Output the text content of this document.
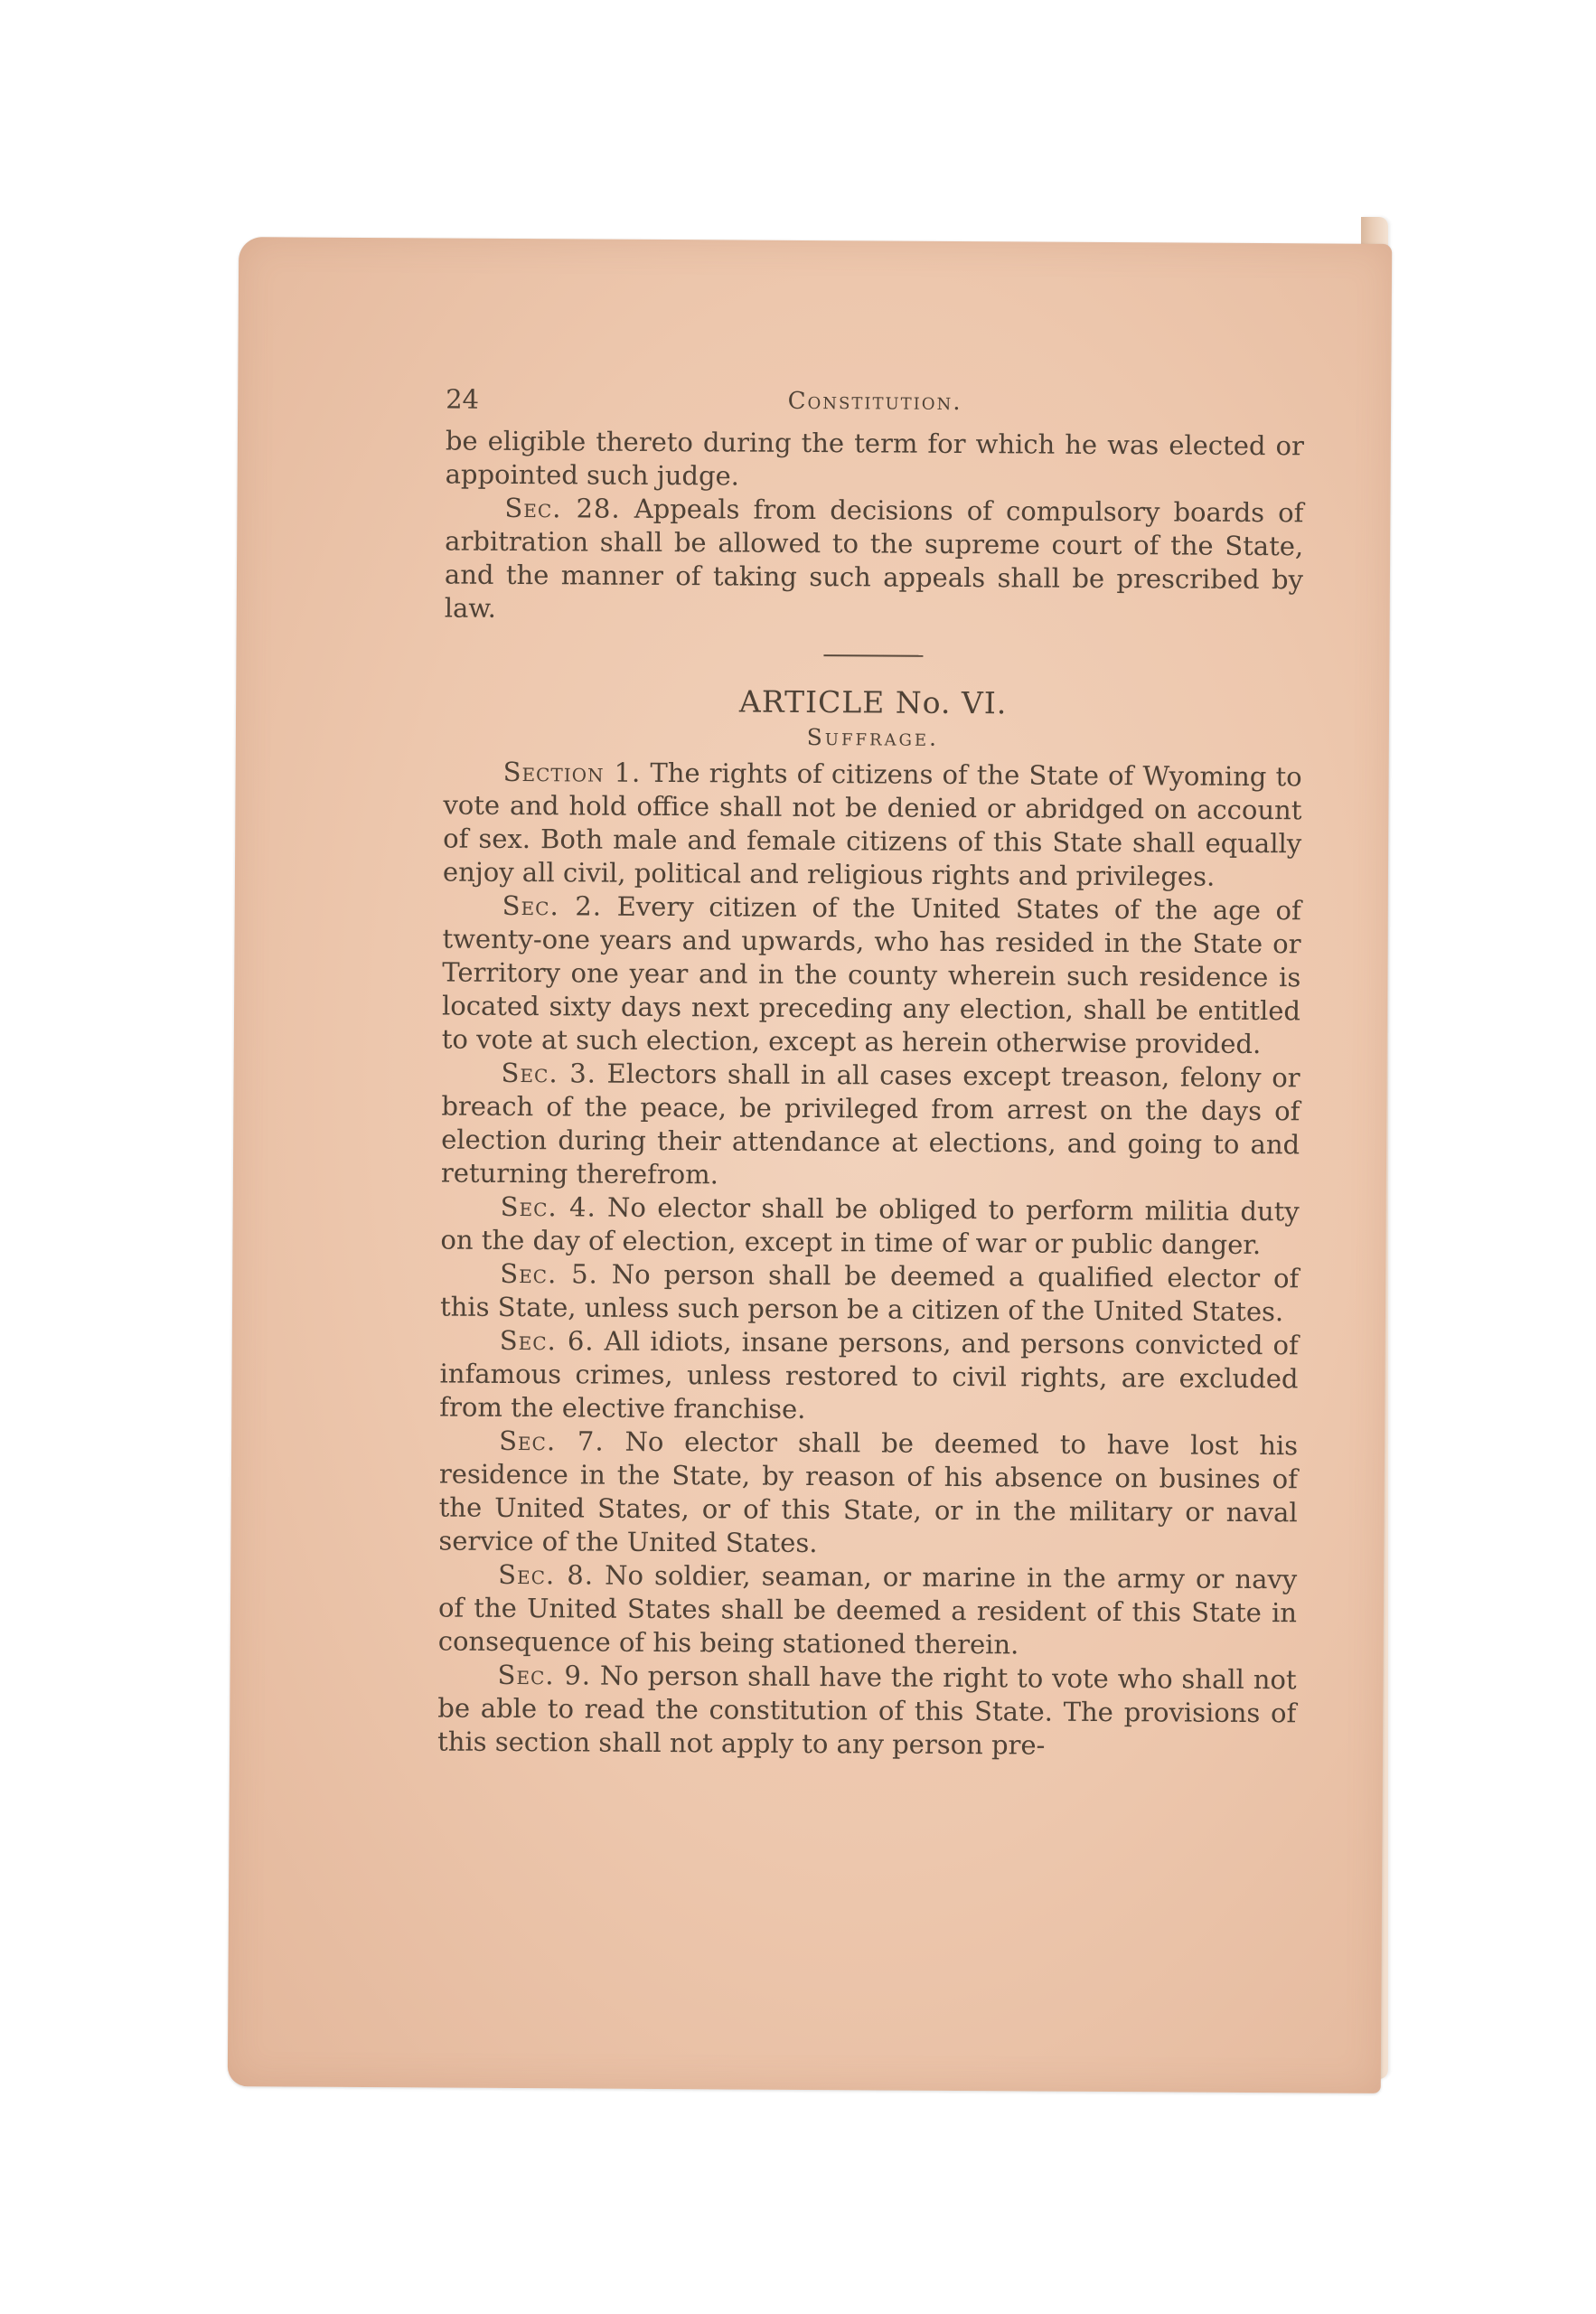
24	Constitution.

be eligible thereto during the term for which he was elected or appointed such judge.

Sec. 28. Appeals from decisions of compulsory boards of arbitration shall be allowed to the supreme court of the State, and the manner of taking such appeals shall be prescribed by law.

ARTICLE No. VI.
Suffrage.

Section 1. The rights of citizens of the State of Wyoming to vote and hold office shall not be denied or abridged on account of sex. Both male and female citizens of this State shall equally enjoy all civil, political and religious rights and privileges.

Sec. 2. Every citizen of the United States of the age of twenty-one years and upwards, who has resided in the State or Territory one year and in the county wherein such residence is located sixty days next preceding any election, shall be entitled to vote at such election, except as herein otherwise provided.

Sec. 3. Electors shall in all cases except treason, felony or breach of the peace, be privileged from arrest on the days of election during their attendance at elections, and going to and returning therefrom.

Sec. 4. No elector shall be obliged to perform militia duty on the day of election, except in time of war or public danger.

Sec. 5. No person shall be deemed a qualified elector of this State, unless such person be a citizen of the United States.

Sec. 6. All idiots, insane persons, and persons convicted of infamous crimes, unless restored to civil rights, are excluded from the elective franchise.

Sec. 7. No elector shall be deemed to have lost his residence in the State, by reason of his absence on busines of the United States, or of this State, or in the military or naval service of the United States.

Sec. 8. No soldier, seaman, or marine in the army or navy of the United States shall be deemed a resident of this State in consequence of his being stationed therein.

Sec. 9. No person shall have the right to vote who shall not be able to read the constitution of this State. The provisions of this section shall not apply to any person pre-
